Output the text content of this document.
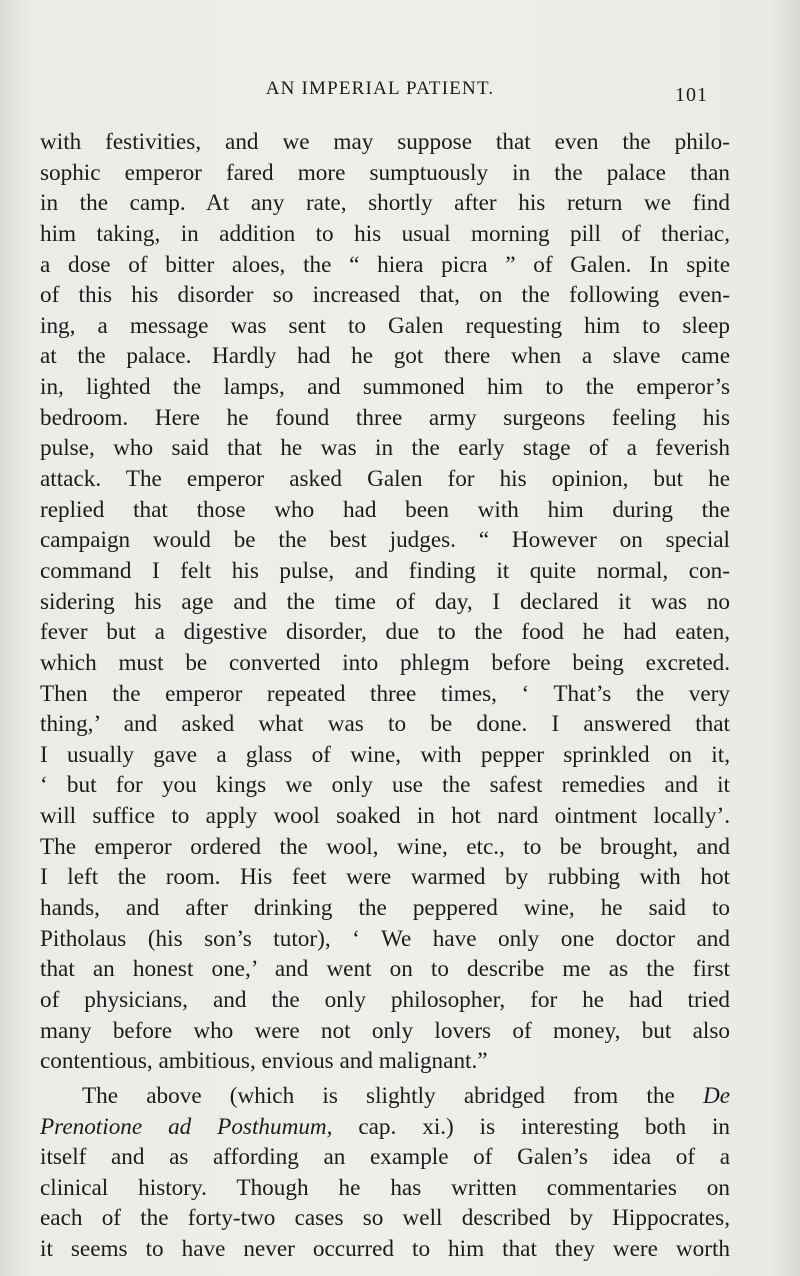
AN IMPERIAL PATIENT.	101
with festivities, and we may suppose that even the philo-
sophic emperor fared more sumptuously in the palace than
in the camp. At any rate, shortly after his return we find
him taking, in addition to his usual morning pill of theriac,
a dose of bitter aloes, the “ hiera picra ” of Galen. In spite
of this his disorder so increased that, on the following even-
ing, a message was sent to Galen requesting him to sleep
at the palace. Hardly had he got there when a slave came
in, lighted the lamps, and summoned him to the emperor’s
bedroom. Here he found three army surgeons feeling his
pulse, who said that he was in the early stage of a feverish
attack. The emperor asked Galen for his opinion, but he
replied that those who had been with him during the
campaign would be the best judges. “ However on special
command I felt his pulse, and finding it quite normal, con-
sidering his age and the time of day, I declared it was no
fever but a digestive disorder, due to the food he had eaten,
which must be converted into phlegm before being excreted.
Then the emperor repeated three times, ‘ That’s the very
thing,’ and asked what was to be done. I answered that
I usually gave a glass of wine, with pepper sprinkled on it,
‘ but for you kings we only use the safest remedies and it
will suffice to apply wool soaked in hot nard ointment locally’.
The emperor ordered the wool, wine, etc., to be brought, and
I left the room. His feet were warmed by rubbing with hot
hands, and after drinking the peppered wine, he said to
Pitholaus (his son’s tutor), ‘ We have only one doctor and
that an honest one,’ and went on to describe me as the first
of physicians, and the only philosopher, for he had tried
many before who were not only lovers of money, but also
contentious, ambitious, envious and malignant.”
The above (which is slightly abridged from the De
Prenotione ad Posthumum, cap. xi.) is interesting both in
itself and as affording an example of Galen’s idea of a
clinical history. Though he has written commentaries on
each of the forty-two cases so well described by Hippocrates,
it seems to have never occurred to him that they were worth
